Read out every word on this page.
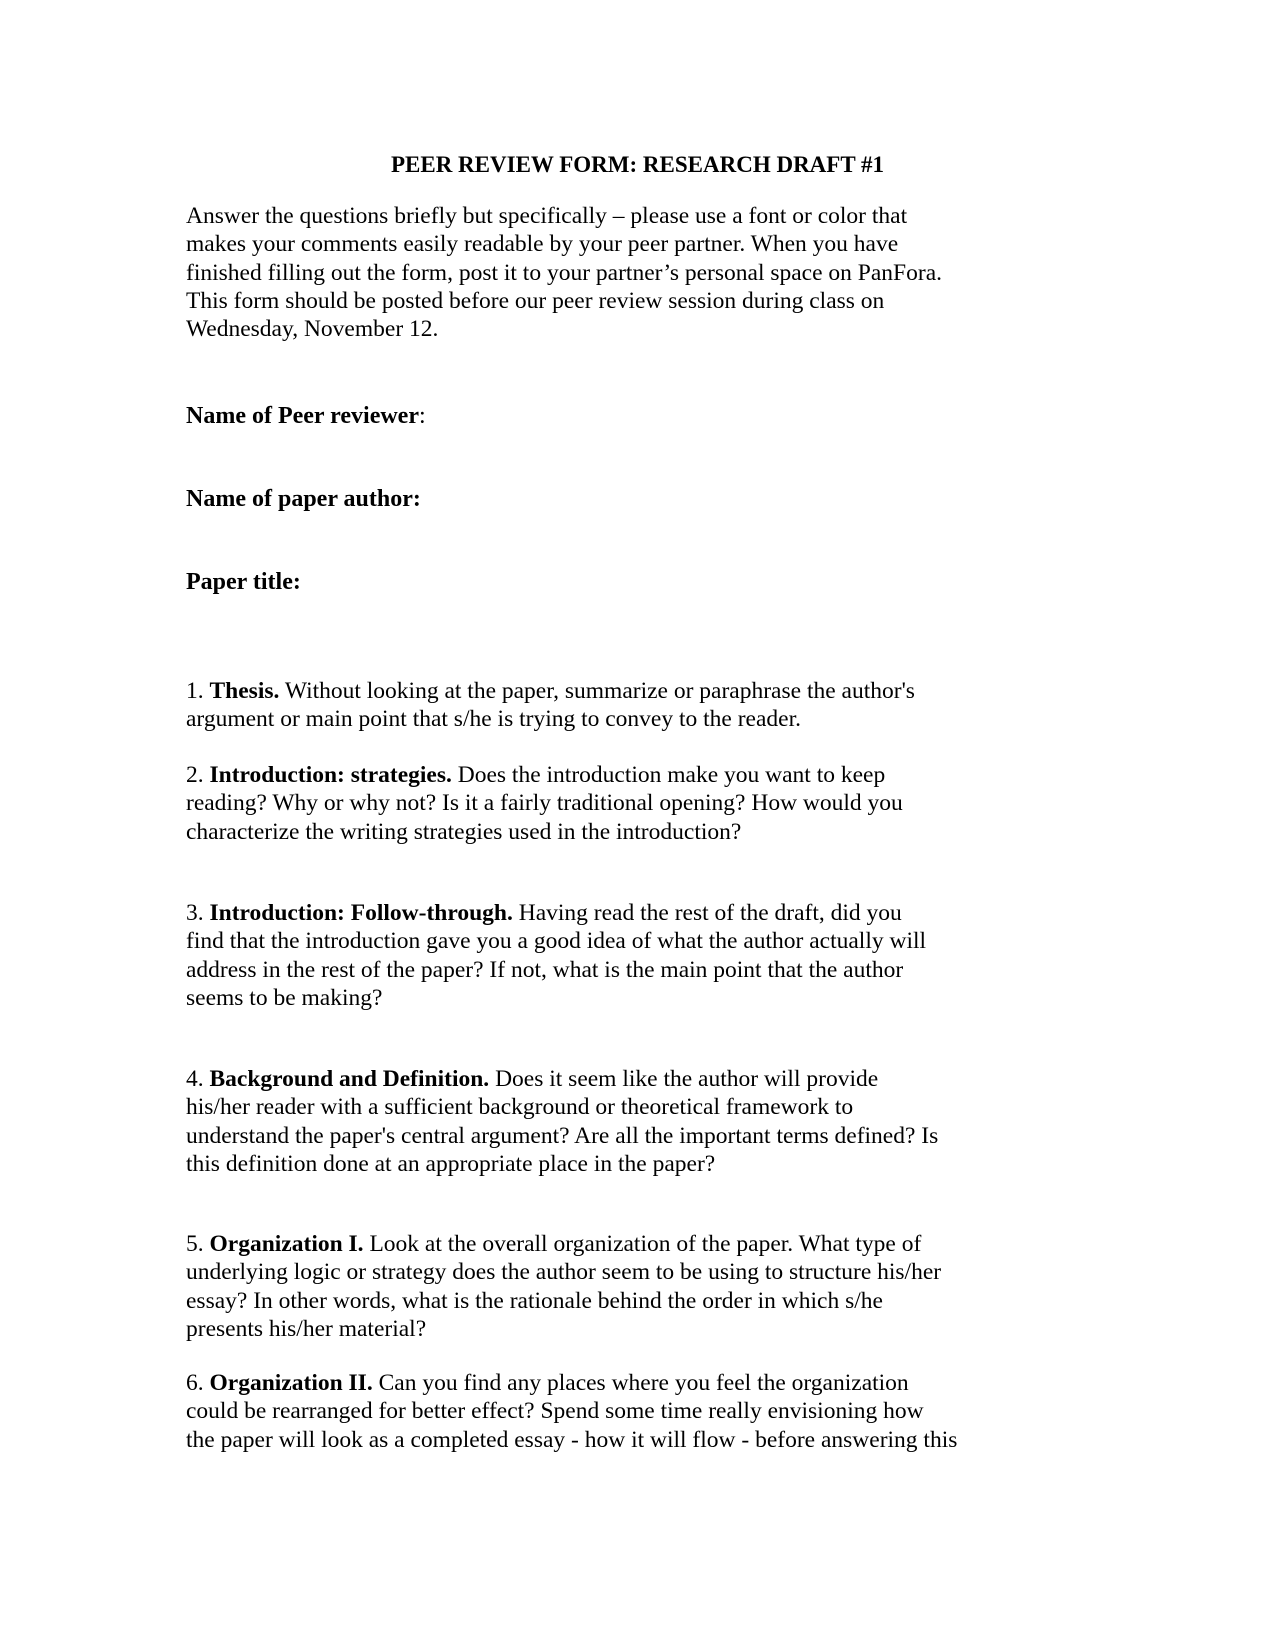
PEER REVIEW FORM: RESEARCH DRAFT #1

Answer the questions briefly but specifically – please use a font or color that
makes your comments easily readable by your peer partner. When you have
finished filling out the form, post it to your partner’s personal space on PanFora.
This form should be posted before our peer review session during class on
Wednesday, November 12.

Name of Peer reviewer:
Name of paper author:
Paper title:

1. Thesis. Without looking at the paper, summarize or paraphrase the author's
argument or main point that s/he is trying to convey to the reader.

2. Introduction: strategies. Does the introduction make you want to keep
reading? Why or why not? Is it a fairly traditional opening? How would you
characterize the writing strategies used in the introduction?

3. Introduction: Follow-through. Having read the rest of the draft, did you
find that the introduction gave you a good idea of what the author actually will
address in the rest of the paper? If not, what is the main point that the author
seems to be making?

4. Background and Definition. Does it seem like the author will provide
his/her reader with a sufficient background or theoretical framework to
understand the paper's central argument? Are all the important terms defined? Is
this definition done at an appropriate place in the paper?

5. Organization I. Look at the overall organization of the paper. What type of
underlying logic or strategy does the author seem to be using to structure his/her
essay? In other words, what is the rationale behind the order in which s/he
presents his/her material?

6. Organization II. Can you find any places where you feel the organization
could be rearranged for better effect? Spend some time really envisioning how
the paper will look as a completed essay - how it will flow - before answering this
